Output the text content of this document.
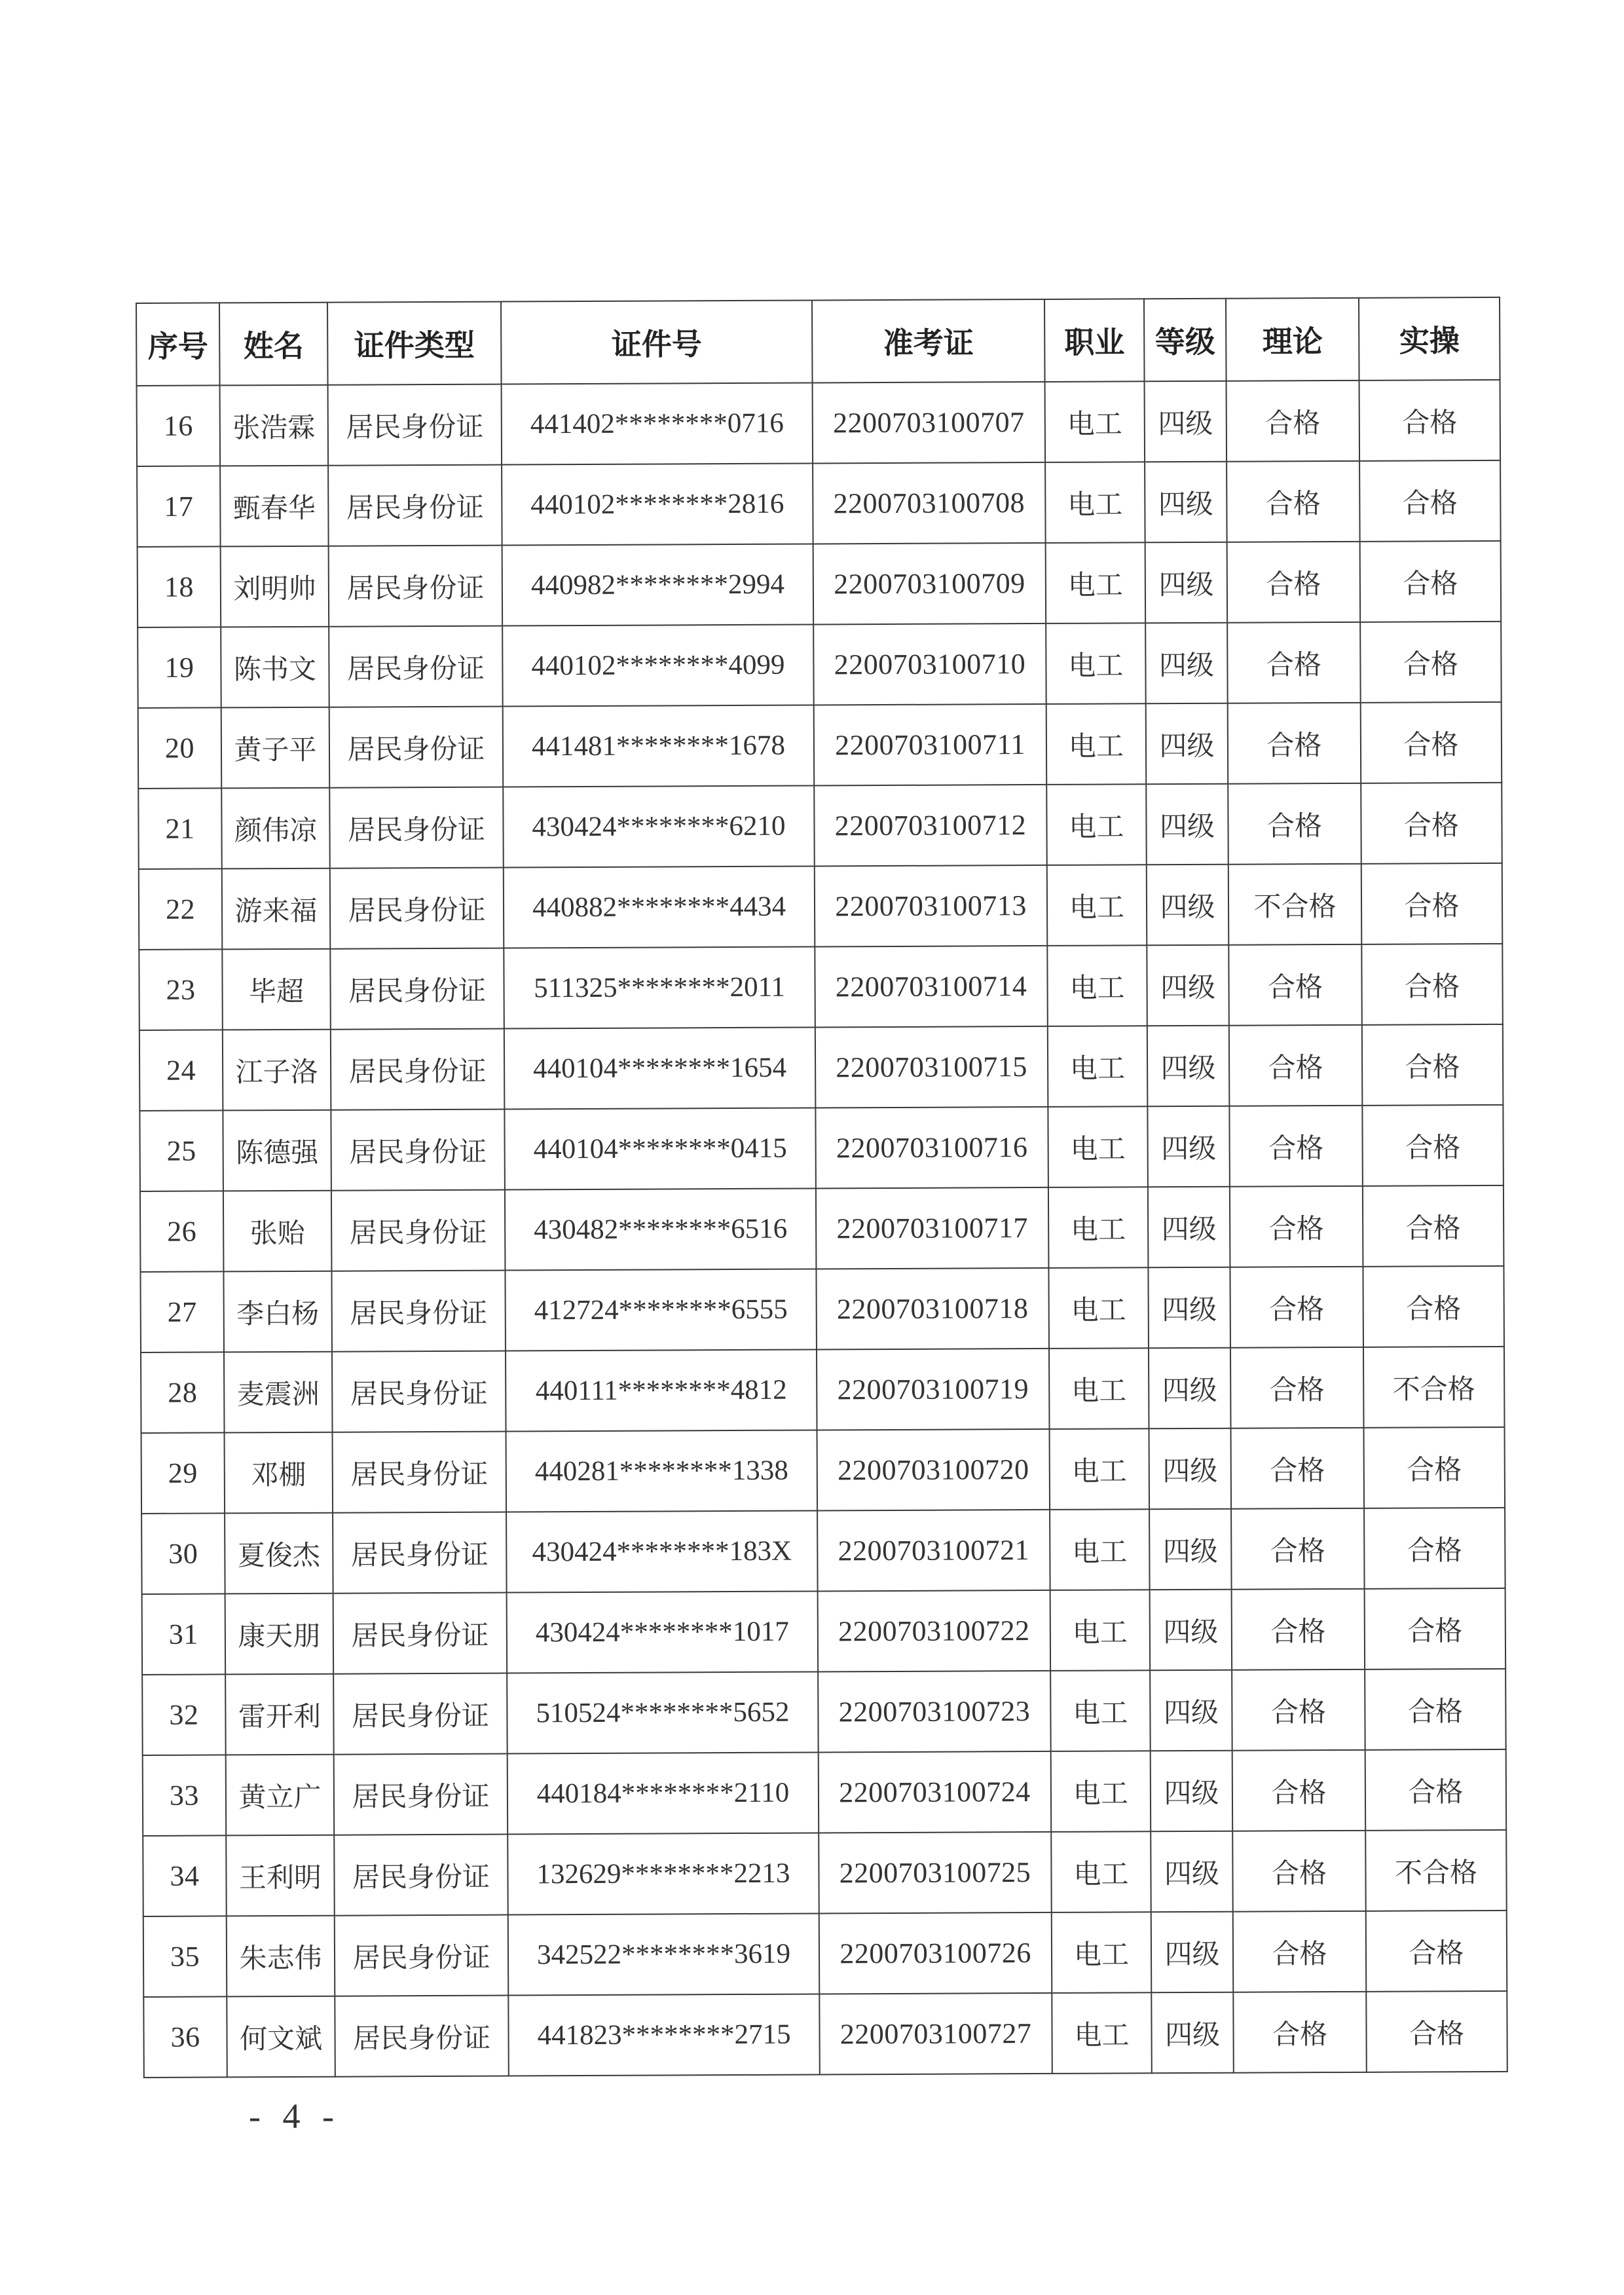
序号	姓名	证件类型	证件号	准考证	职业	等级	理论	实操
16	张浩霖	居民身份证	441402********0716	2200703100707	电工	四级	合格	合格
17	甄春华	居民身份证	440102********2816	2200703100708	电工	四级	合格	合格
18	刘明帅	居民身份证	440982********2994	2200703100709	电工	四级	合格	合格
19	陈书文	居民身份证	440102********4099	2200703100710	电工	四级	合格	合格
20	黄子平	居民身份证	441481********1678	2200703100711	电工	四级	合格	合格
21	颜伟凉	居民身份证	430424********6210	2200703100712	电工	四级	合格	合格
22	游来福	居民身份证	440882********4434	2200703100713	电工	四级	不合格	合格
23	毕超	居民身份证	511325********2011	2200703100714	电工	四级	合格	合格
24	江子洛	居民身份证	440104********1654	2200703100715	电工	四级	合格	合格
25	陈德强	居民身份证	440104********0415	2200703100716	电工	四级	合格	合格
26	张贻	居民身份证	430482********6516	2200703100717	电工	四级	合格	合格
27	李白杨	居民身份证	412724********6555	2200703100718	电工	四级	合格	合格
28	麦震洲	居民身份证	440111********4812	2200703100719	电工	四级	合格	不合格
29	邓棚	居民身份证	440281********1338	2200703100720	电工	四级	合格	合格
30	夏俊杰	居民身份证	430424********183X	2200703100721	电工	四级	合格	合格
31	康天朋	居民身份证	430424********1017	2200703100722	电工	四级	合格	合格
32	雷开利	居民身份证	510524********5652	2200703100723	电工	四级	合格	合格
33	黄立广	居民身份证	440184********2110	2200703100724	电工	四级	合格	合格
34	王利明	居民身份证	132629********2213	2200703100725	电工	四级	合格	不合格
35	朱志伟	居民身份证	342522********3619	2200703100726	电工	四级	合格	合格
36	何文斌	居民身份证	441823********2715	2200703100727	电工	四级	合格	合格
- 4 -
